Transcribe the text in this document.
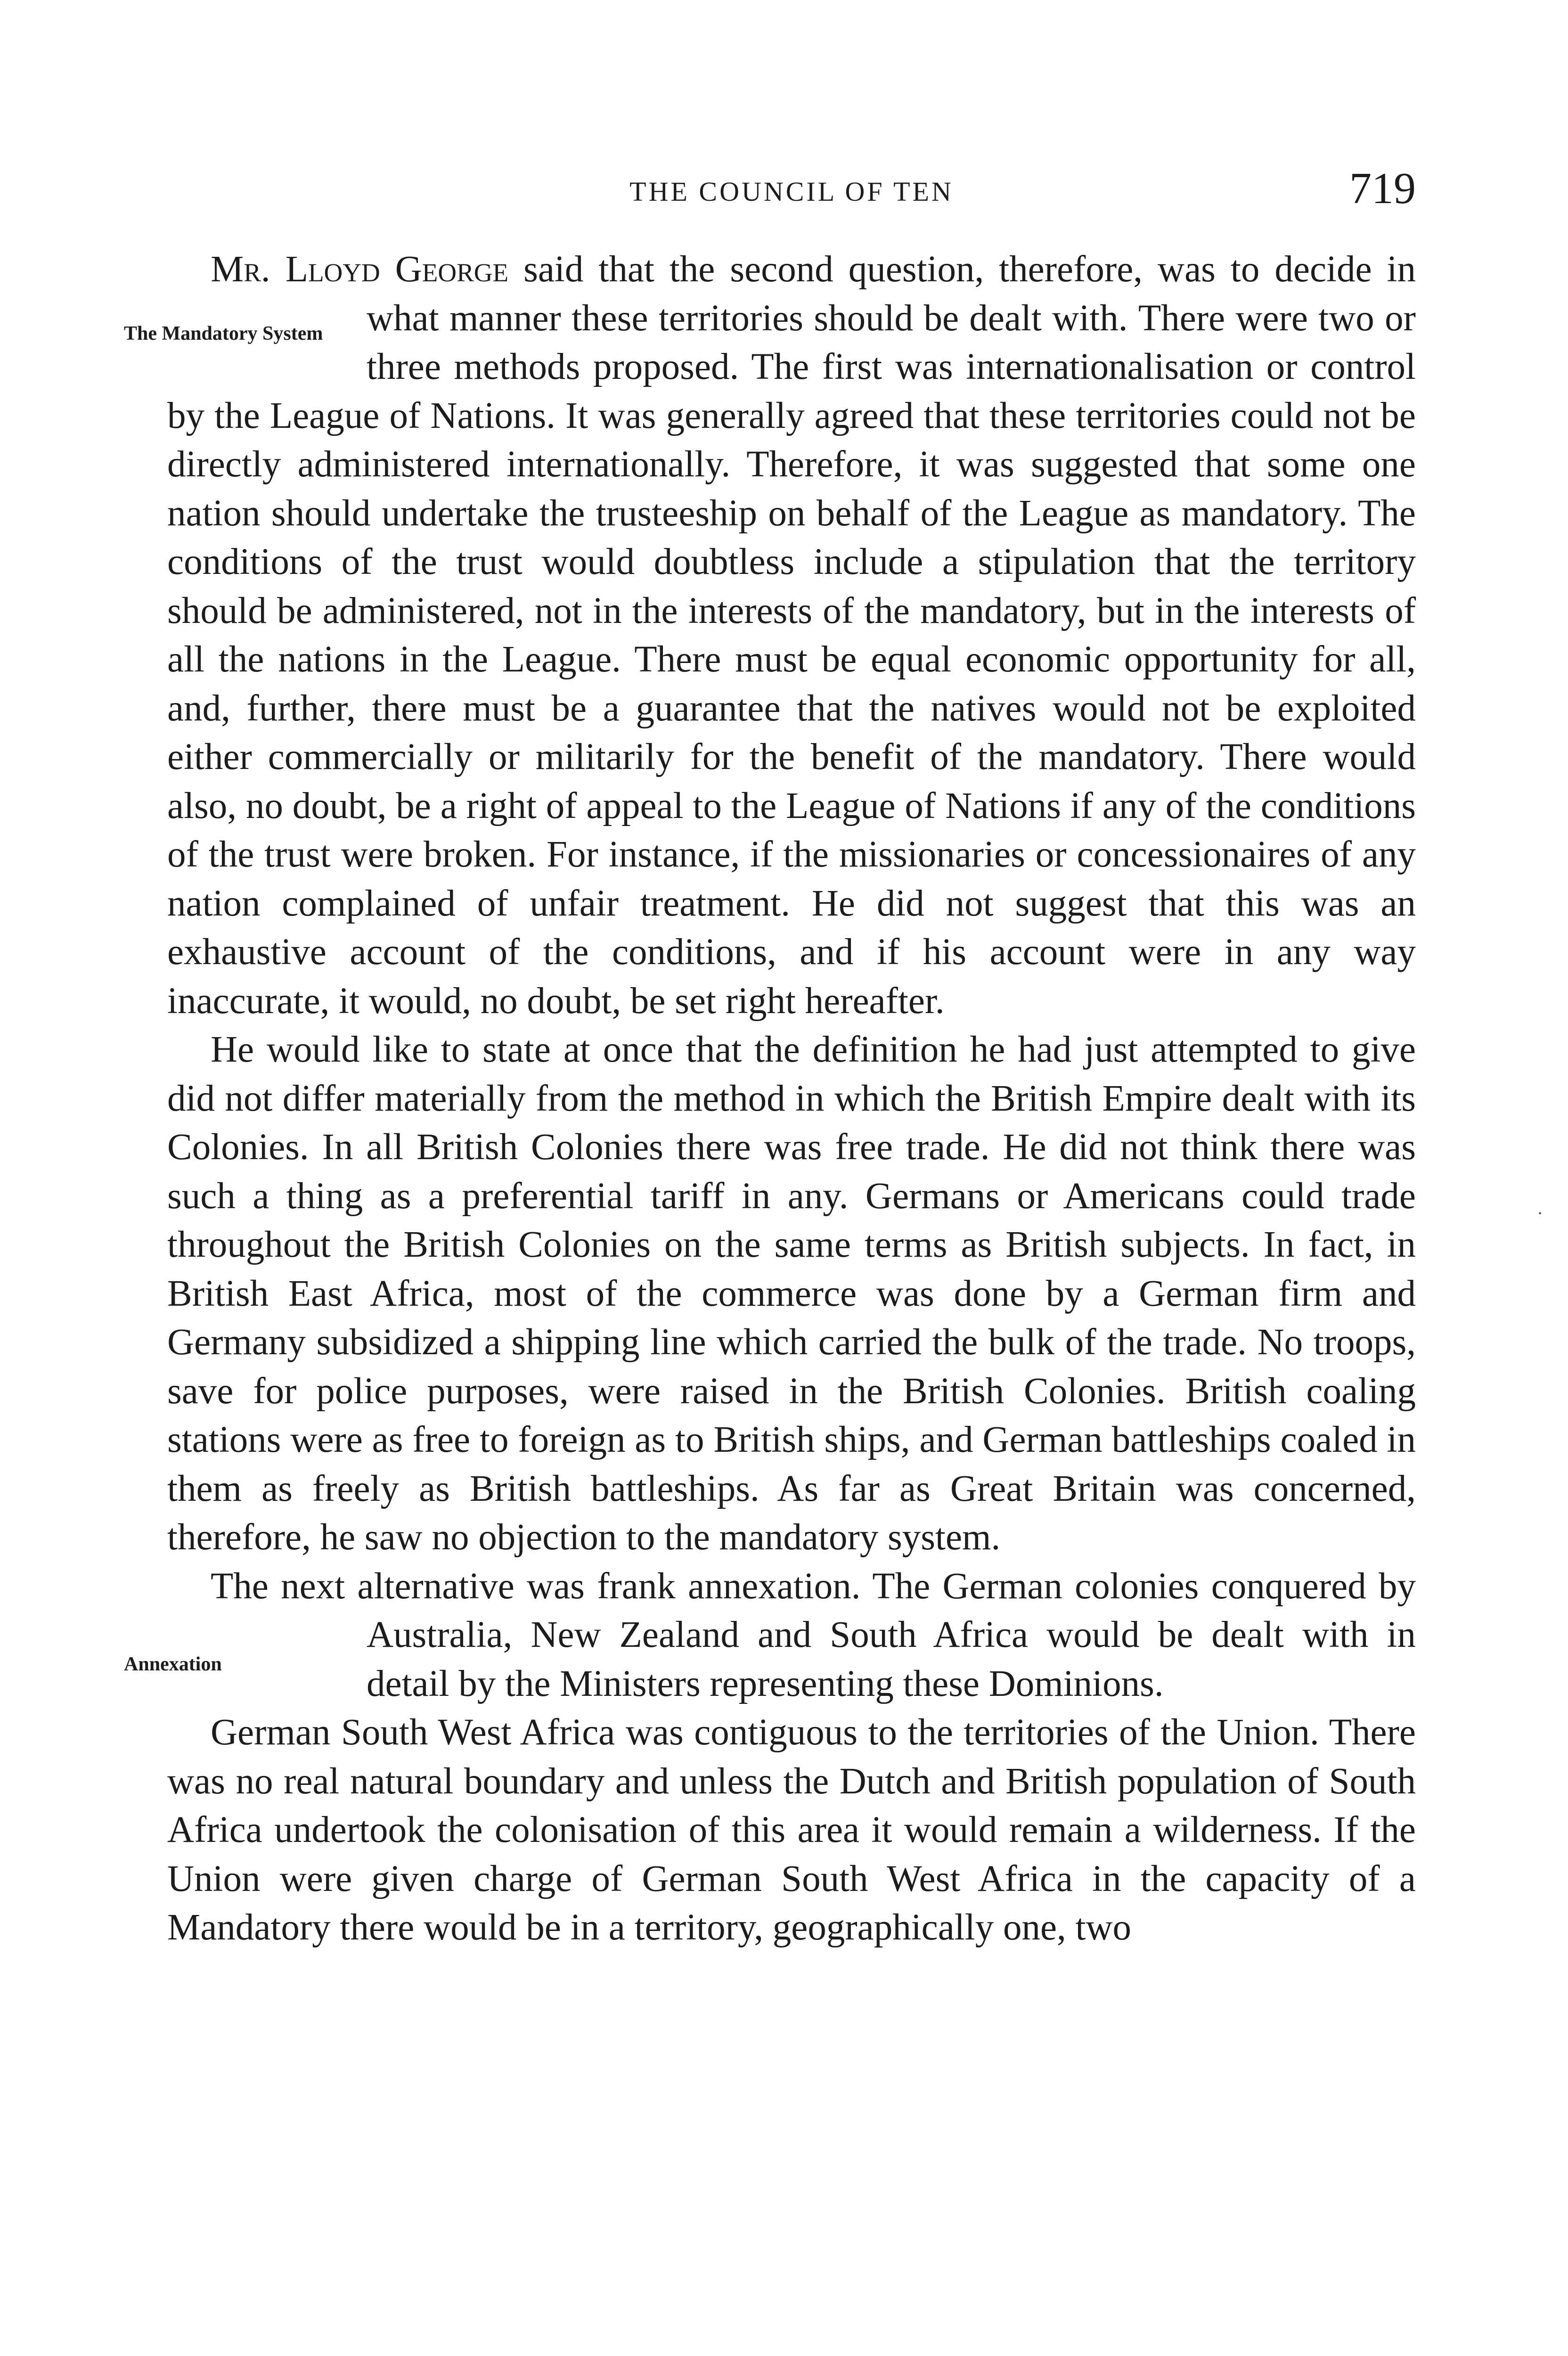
THE COUNCIL OF TEN	719

Mr. Lloyd George said that the second question, therefore, was to decide in what manner these territories should be dealt with.
The Mandatory System	There were two or three methods proposed. The first was internationalisation or control by the League of Nations. It was generally agreed that these territories could not be directly administered internationally. Therefore, it was suggested that some one nation should undertake the trusteeship on behalf of the League as mandatory. The conditions of the trust would doubtless include a stipulation that the territory should be administered, not in the interests of the mandatory, but in the interests of all the nations in the League. There must be equal economic opportunity for all, and, further, there must be a guarantee that the natives would not be exploited either commercially or militarily for the benefit of the mandatory. There would also, no doubt, be a right of appeal to the League of Nations if any of the conditions of the trust were broken. For instance, if the missionaries or concessionaires of any nation complained of unfair treatment. He did not suggest that this was an exhaustive account of the conditions, and if his account were in any way inaccurate, it would, no doubt, be set right hereafter.

He would like to state at once that the definition he had just attempted to give did not differ materially from the method in which the British Empire dealt with its Colonies. In all British Colonies there was free trade. He did not think there was such a thing as a preferential tariff in any. Germans or Americans could trade throughout the British Colonies on the same terms as British subjects. In fact, in British East Africa, most of the commerce was done by a German firm and Germany subsidized a shipping line which carried the bulk of the trade. No troops, save for police purposes, were raised in the British Colonies. British coaling stations were as free to foreign as to British ships, and German battleships coaled in them as freely as British battleships. As far as Great Britain was concerned, therefore, he saw no objection to the mandatory system.

The next alternative was frank annexation. The German colonies conquered by Australia, New Zealand and South Africa would
Annexation
be dealt with in detail by the Ministers representing these Dominions.

German South West Africa was contiguous to the territories of the Union. There was no real natural boundary and unless the Dutch and British population of South Africa undertook the colonisation of this area it would remain a wilderness. If the Union were given charge of German South West Africa in the capacity of a Mandatory there would be in a territory, geographically one, two

·
